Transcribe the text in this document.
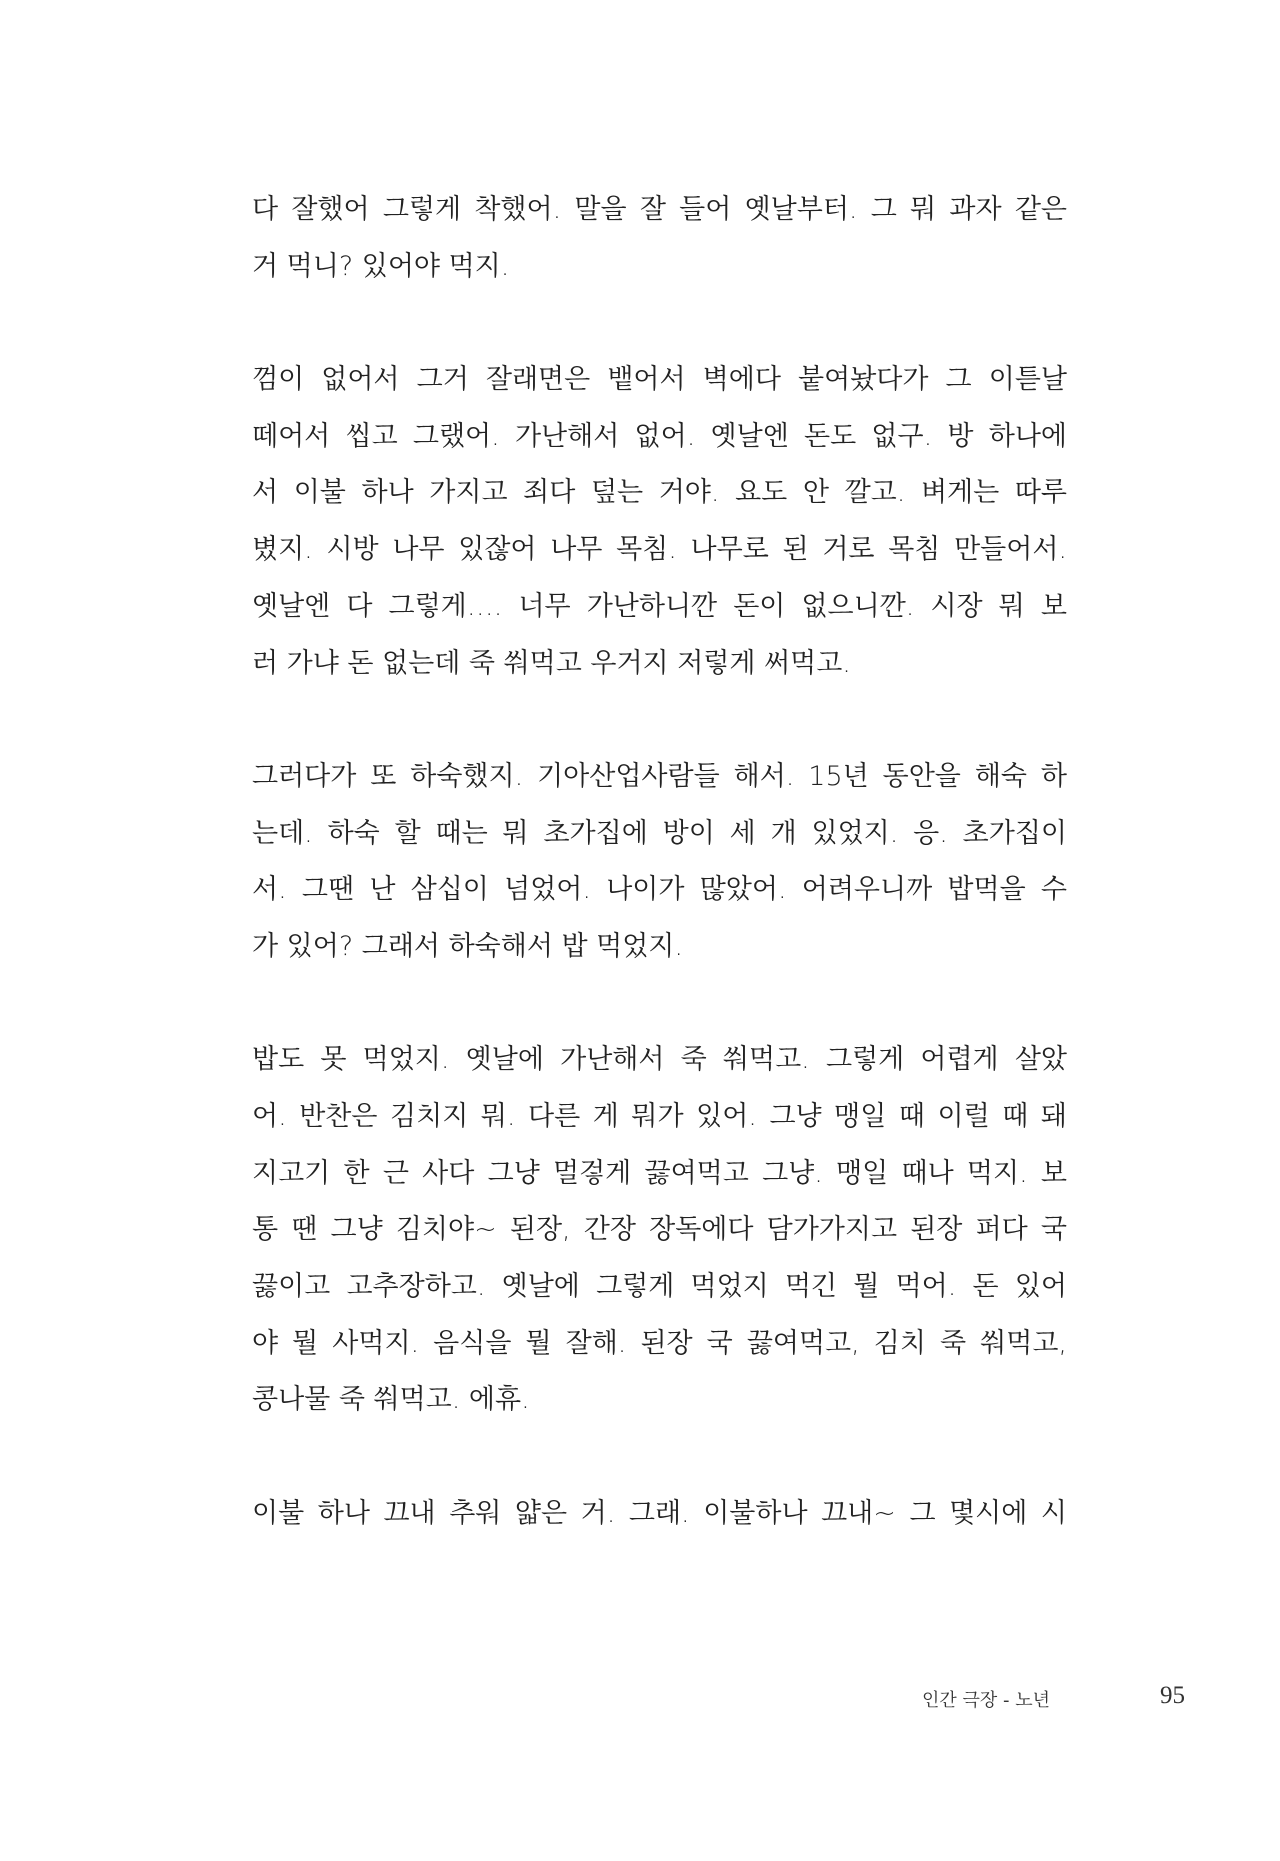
다 잘했어 그렇게 착했어. 말을 잘 들어 옛날부터. 그 뭐 과자 같은
거 먹니? 있어야 먹지.

껌이 없어서 그거 잘래면은 뱉어서 벽에다 붙여놨다가 그 이튿날
떼어서 씹고 그랬어. 가난해서 없어. 옛날엔 돈도 없구. 방 하나에
서 이불 하나 가지고 죄다 덮는 거야. 요도 안 깔고. 벼게는 따루
볐지. 시방 나무 있잖어 나무 목침. 나무로 된 거로 목침 만들어서.
옛날엔 다 그렇게…. 너무 가난하니깐 돈이 없으니깐. 시장 뭐 보
러 가냐 돈 없는데 죽 쒀먹고 우거지 저렇게 써먹고.

그러다가 또 하숙했지. 기아산업사람들 해서. 15년 동안을 해숙 하
는데. 하숙 할 때는 뭐 초가집에 방이 세 개 있었지. 응. 초가집이
서. 그땐 난 삼십이 넘었어. 나이가 많았어. 어려우니까 밥먹을 수
가 있어? 그래서 하숙해서 밥 먹었지.

밥도 못 먹었지. 옛날에 가난해서 죽 쒀먹고. 그렇게 어렵게 살았
어. 반찬은 김치지 뭐. 다른 게 뭐가 있어. 그냥 맹일 때 이럴 때 돼
지고기 한 근 사다 그냥 멀겋게 끓여먹고 그냥. 맹일 때나 먹지. 보
통 땐 그냥 김치야~ 된장, 간장 장독에다 담가가지고 된장 퍼다 국
끓이고 고추장하고. 옛날에 그렇게 먹었지 먹긴 뭘 먹어. 돈 있어
야 뭘 사먹지. 음식을 뭘 잘해. 된장 국 끓여먹고, 김치 죽 쒀먹고,
콩나물 죽 쒀먹고. 에휴.

이불 하나 끄내 추워 얇은 거. 그래. 이불하나 끄내~ 그 몇시에 시

인간 극장 - 노년	95
